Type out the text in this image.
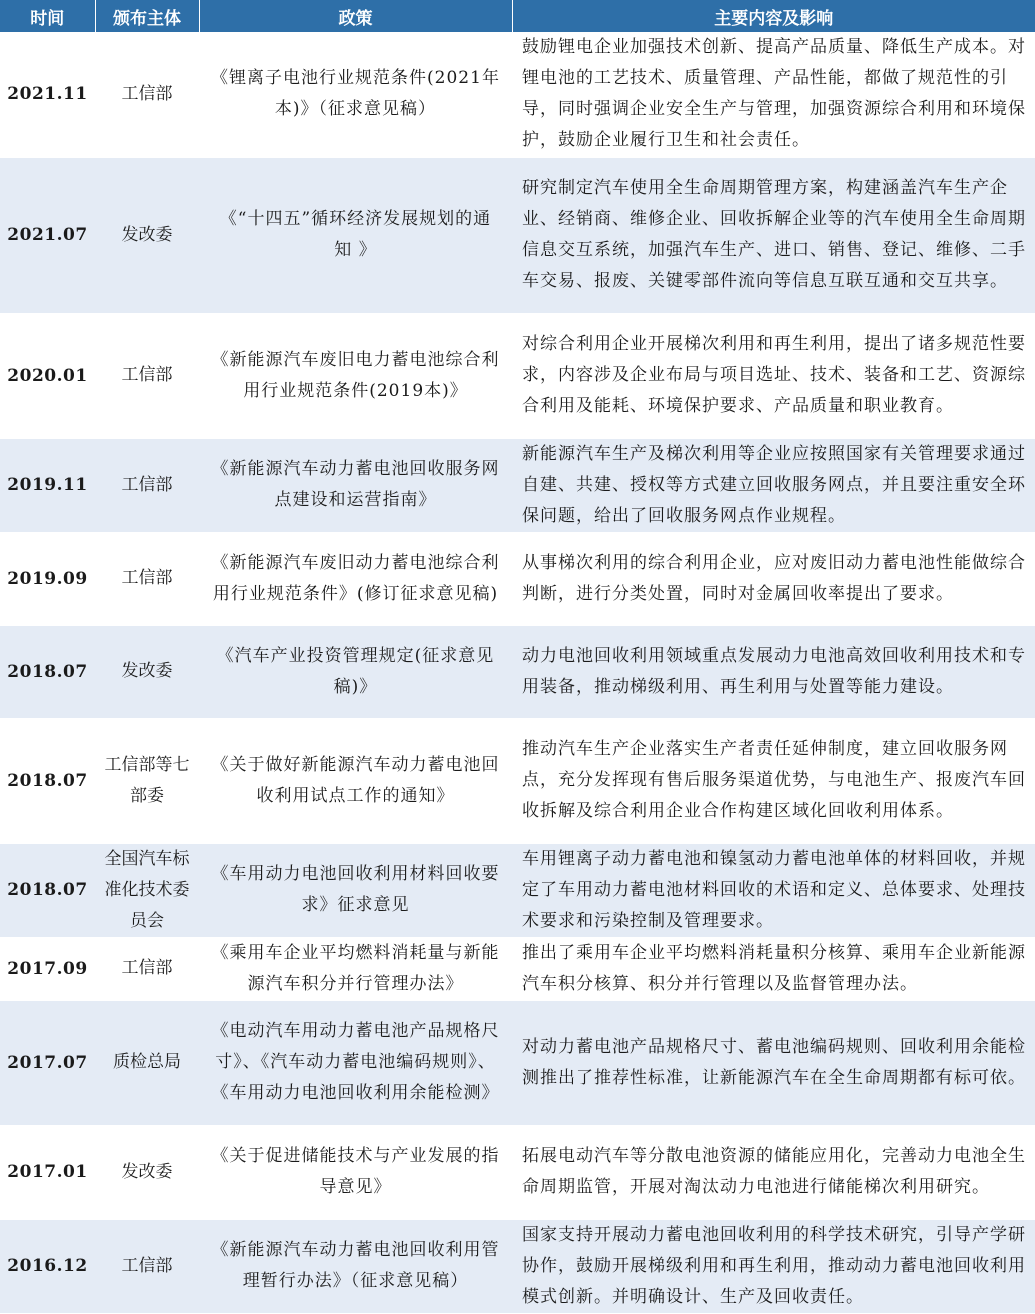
时间	颁布主体	政策	主要内容及影响
2021.11	工信部	《锂离子电池行业规范条件(2021年本)》（征求意见稿）	鼓励锂电企业加强技术创新、提高产品质量、降低生产成本。对锂电池的工艺技术、质量管理、产品性能，都做了规范性的引导，同时强调企业安全生产与管理，加强资源综合利用和环境保护，鼓励企业履行卫生和社会责任。
2021.07	发改委	《“十四五”循环经济发展规划的通知 》	研究制定汽车使用全生命周期管理方案，构建涵盖汽车生产企业、经销商、维修企业、回收拆解企业等的汽车使用全生命周期信息交互系统，加强汽车生产、进口、销售、登记、维修、二手车交易、报废、关键零部件流向等信息互联互通和交互共享。
2020.01	工信部	《新能源汽车废旧电力蓄电池综合利用行业规范条件(2019本)》	对综合利用企业开展梯次利用和再生利用，提出了诸多规范性要求，内容涉及企业布局与项目选址、技术、装备和工艺、资源综合利用及能耗、环境保护要求、产品质量和职业教育。
2019.11	工信部	《新能源汽车动力蓄电池回收服务网点建设和运营指南》	新能源汽车生产及梯次利用等企业应按照国家有关管理要求通过自建、共建、授权等方式建立回收服务网点，并且要注重安全环保问题，给出了回收服务网点作业规程。
2019.09	工信部	《新能源汽车废旧动力蓄电池综合利用行业规范条件》(修订征求意见稿)	从事梯次利用的综合利用企业，应对废旧动力蓄电池性能做综合判断，进行分类处置，同时对金属回收率提出了要求。
2018.07	发改委	《汽车产业投资管理规定(征求意见稿)》	动力电池回收利用领域重点发展动力电池高效回收利用技术和专用装备，推动梯级利用、再生利用与处置等能力建设。
2018.07	工信部等七部委	《关于做好新能源汽车动力蓄电池回收利用试点工作的通知》	推动汽车生产企业落实生产者责任延伸制度，建立回收服务网点，充分发挥现有售后服务渠道优势，与电池生产、报废汽车回收拆解及综合利用企业合作构建区域化回收利用体系。
2018.07	全国汽车标准化技术委员会	《车用动力电池回收利用材料回收要求》征求意见	车用锂离子动力蓄电池和镍氢动力蓄电池单体的材料回收，并规定了车用动力蓄电池材料回收的术语和定义、总体要求、处理技术要求和污染控制及管理要求。
2017.09	工信部	《乘用车企业平均燃料消耗量与新能源汽车积分并行管理办法》	推出了乘用车企业平均燃料消耗量积分核算、乘用车企业新能源汽车积分核算、积分并行管理以及监督管理办法。
2017.07	质检总局	《电动汽车用动力蓄电池产品规格尺寸》、《汽车动力蓄电池编码规则》、《车用动力电池回收利用余能检测》	对动力蓄电池产品规格尺寸、蓄电池编码规则、回收利用余能检测推出了推荐性标准，让新能源汽车在全生命周期都有标可依。
2017.01	发改委	《关于促进储能技术与产业发展的指导意见》	拓展电动汽车等分散电池资源的储能应用化，完善动力电池全生命周期监管，开展对淘汰动力电池进行储能梯次利用研究。
2016.12	工信部	《新能源汽车动力蓄电池回收利用管理暂行办法》（征求意见稿）	国家支持开展动力蓄电池回收利用的科学技术研究，引导产学研协作，鼓励开展梯级利用和再生利用，推动动力蓄电池回收利用模式创新。并明确设计、生产及回收责任。
